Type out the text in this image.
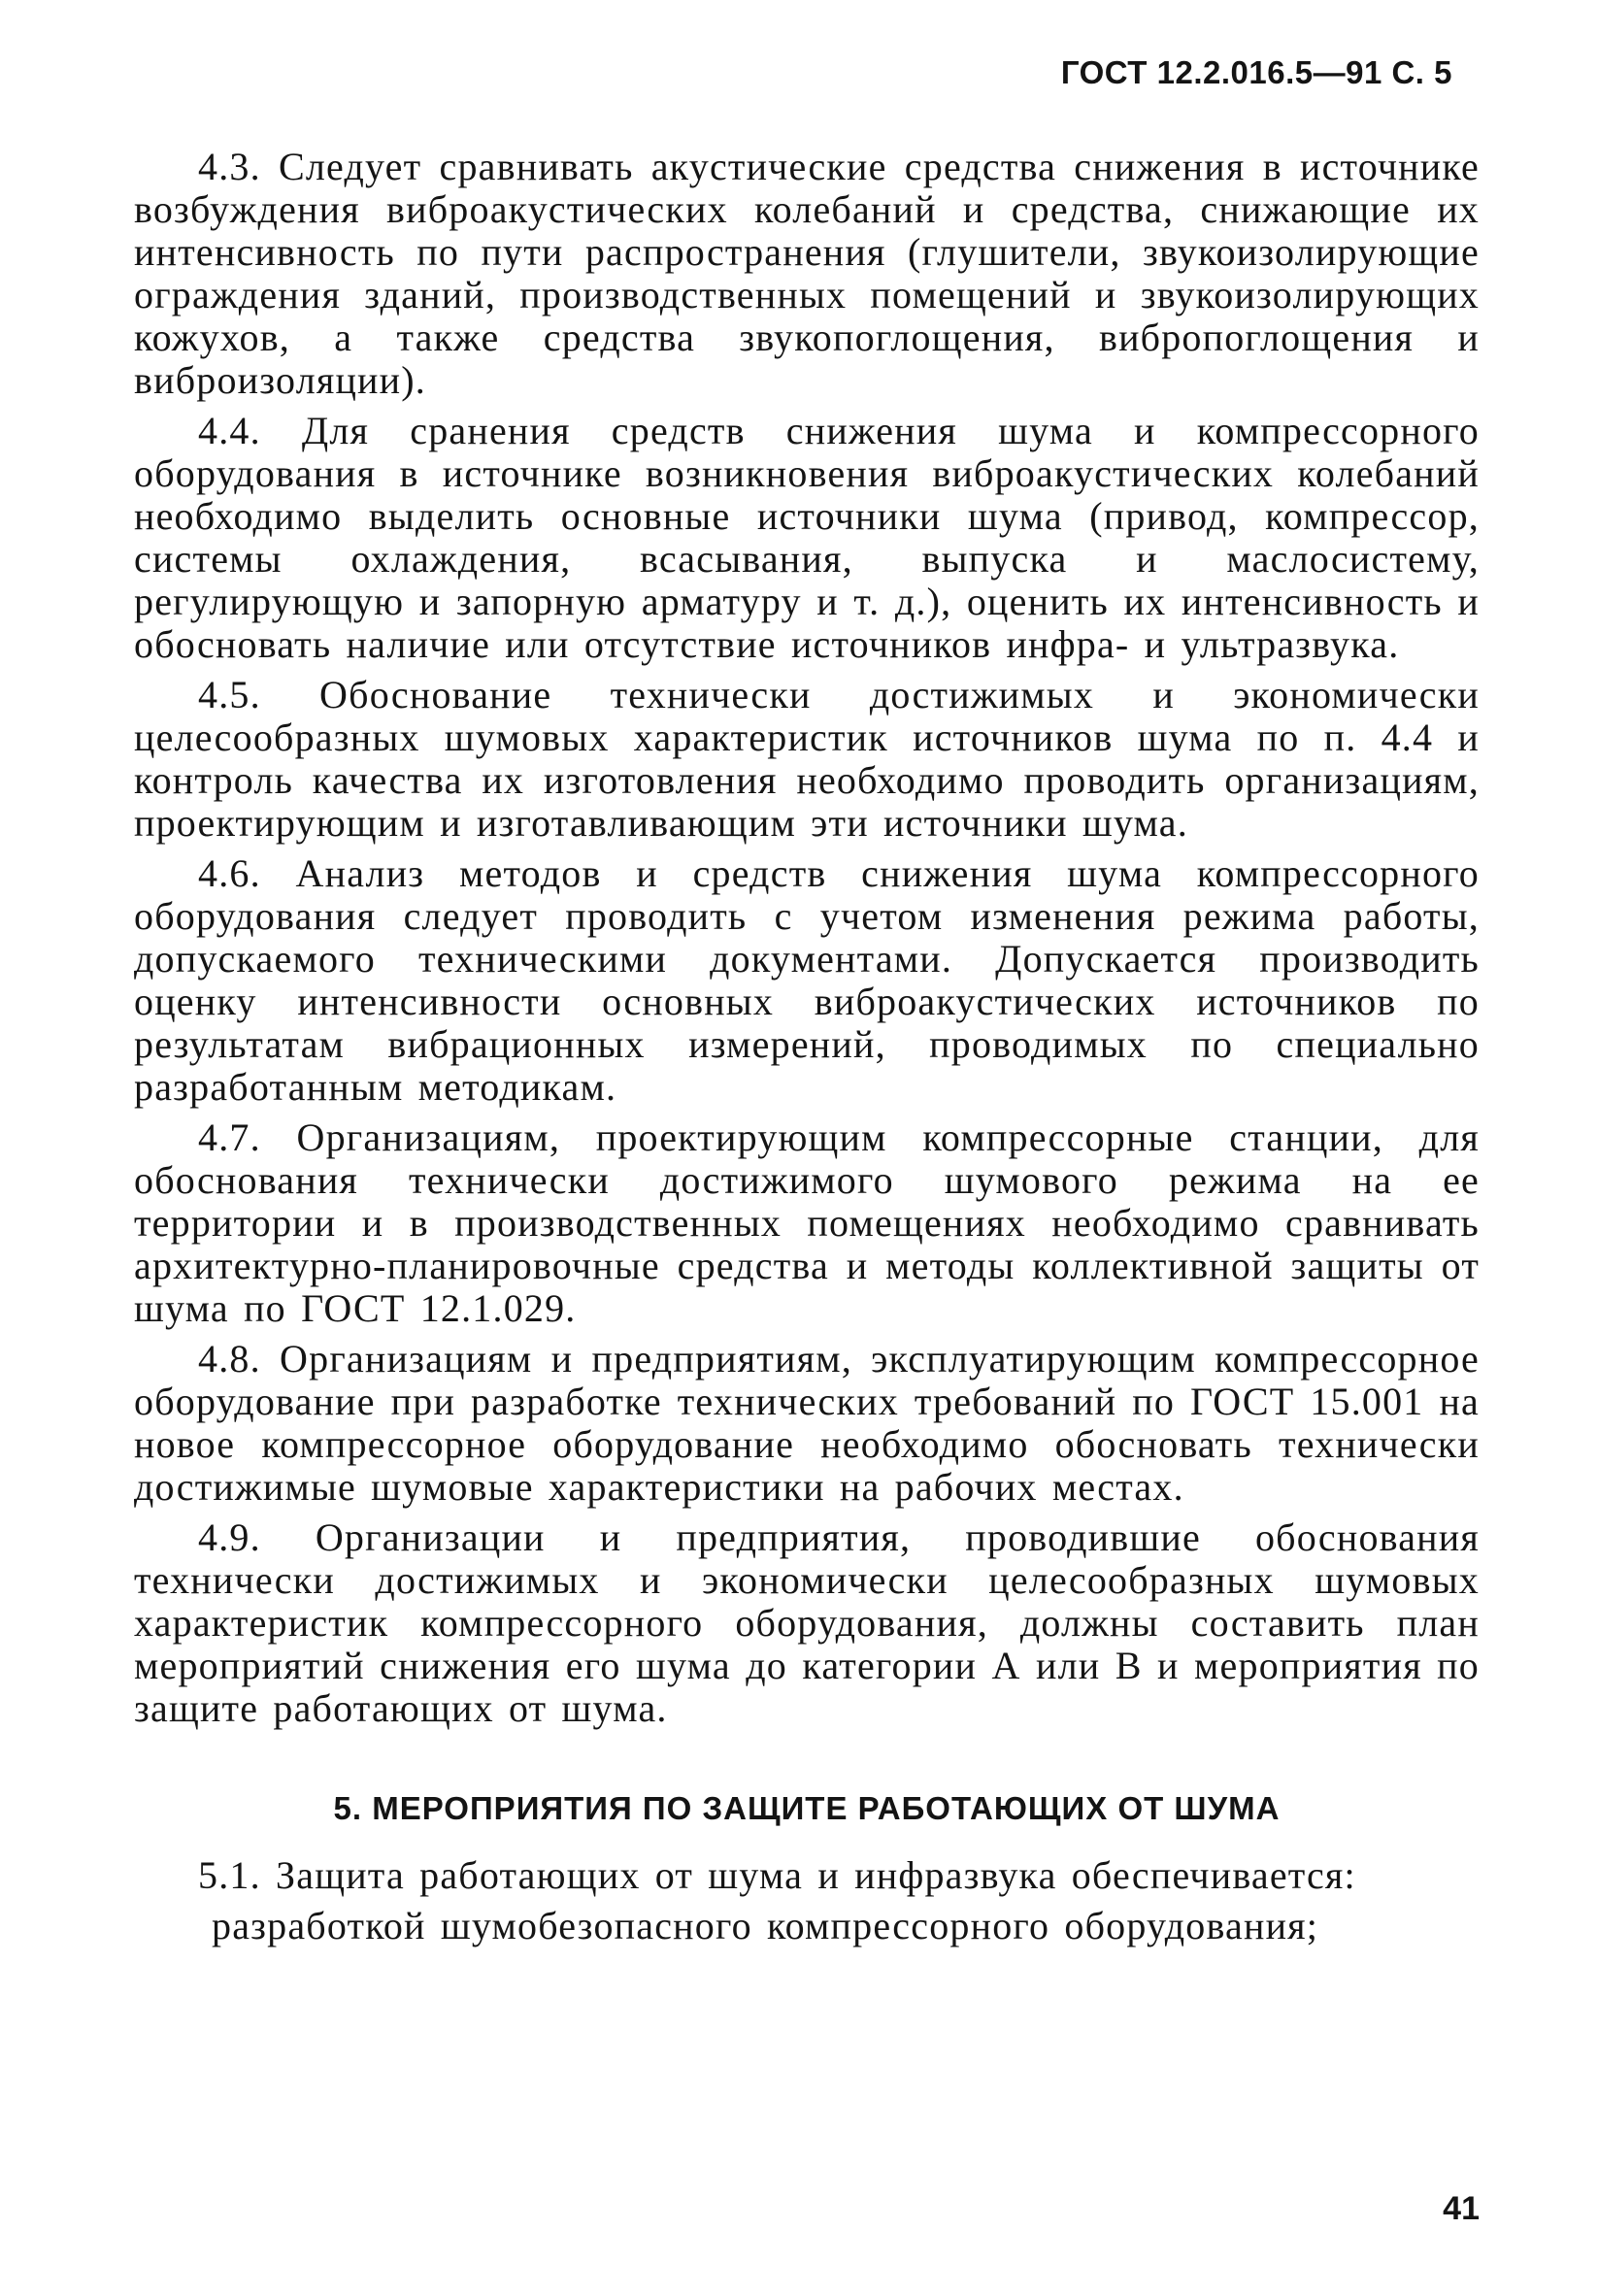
ГОСТ 12.2.016.5—91 С. 5

4.3. Следует сравнивать акустические средства снижения в источнике возбуждения виброакустических колебаний и средства, снижающие их интенсивность по пути распространения (глушители, звукоизолирующие ограждения зданий, производственных помещений и звукоизолирующих кожухов, а также средства звукопоглощения, вибропоглощения и виброизоляции).

4.4. Для сранения средств снижения шума и компрессорного оборудования в источнике возникновения виброакустических колебаний необходимо выделить основные источники шума (привод, компрессор, системы охлаждения, всасывания, выпуска и маслосистему, регулирующую и запорную арматуру и т. д.), оценить их интенсивность и обосновать наличие или отсутствие источников инфра- и ультразвука.

4.5. Обоснование технически достижимых и экономически целесообразных шумовых характеристик источников шума по п. 4.4 и контроль качества их изготовления необходимо проводить организациям, проектирующим и изготавливающим эти источники шума.

4.6. Анализ методов и средств снижения шума компрессорного оборудования следует проводить с учетом изменения режима работы, допускаемого техническими документами. Допускается производить оценку интенсивности основных виброакустических источников по результатам вибрационных измерений, проводимых по специально разработанным методикам.

4.7. Организациям, проектирующим компрессорные станции, для обоснования технически достижимого шумового режима на ее территории и в производственных помещениях необходимо сравнивать архитектурно-планировочные средства и методы коллективной защиты от шума по ГОСТ 12.1.029.

4.8. Организациям и предприятиям, эксплуатирующим компрессорное оборудование при разработке технических требований по ГОСТ 15.001 на новое компрессорное оборудование необходимо обосновать технически достижимые шумовые характеристики на рабочих местах.

4.9. Организации и предприятия, проводившие обоснования технически достижимых и экономически целесообразных шумовых характеристик компрессорного оборудования, должны составить план мероприятий снижения его шума до категории А или В и мероприятия по защите работающих от шума.

5. МЕРОПРИЯТИЯ ПО ЗАЩИТЕ РАБОТАЮЩИХ ОТ ШУМА

5.1. Защита работающих от шума и инфразвука обеспечивается:

разработкой шумобезопасного компрессорного оборудования;

41
